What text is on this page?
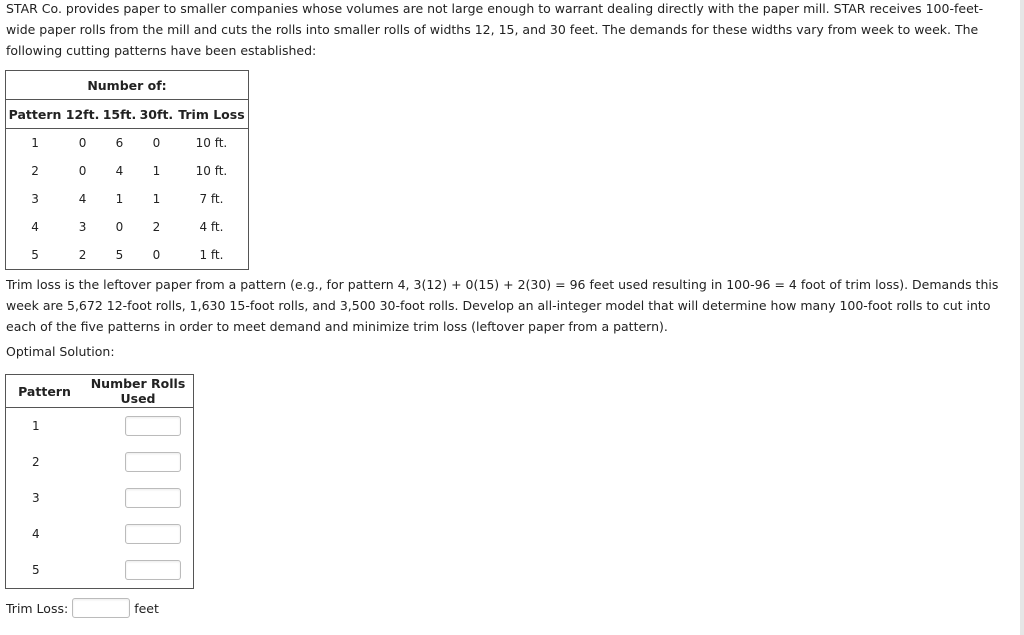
STAR Co. provides paper to smaller companies whose volumes are not large enough to warrant dealing directly with the paper mill. STAR receives 100-feet-wide paper rolls from the mill and cuts the rolls into smaller rolls of widths 12, 15, and 30 feet. The demands for these widths vary from week to week. The following cutting patterns have been established:
Number of:				
Pattern	12ft.	15ft.	30ft.	Trim Loss
1	0	6	0	10 ft.
2	0	4	1	10 ft.
3	4	1	1	7 ft.
4	3	0	2	4 ft.
5	2	5	0	1 ft.
Trim loss is the leftover paper from a pattern (e.g., for pattern 4, 3(12) + 0(15) + 2(30) = 96 feet used resulting in 100-96 = 4 foot of trim loss). Demands this week are 5,672 12-foot rolls, 1,630 15-foot rolls, and 3,500 30-foot rolls. Develop an all-integer model that will determine how many 100-foot rolls to cut into each of the five patterns in order to meet demand and minimize trim loss (leftover paper from a pattern).
Optimal Solution:
Pattern	Number Rolls Used
1	
2	
3	
4	
5	
Trim Loss:	feet
